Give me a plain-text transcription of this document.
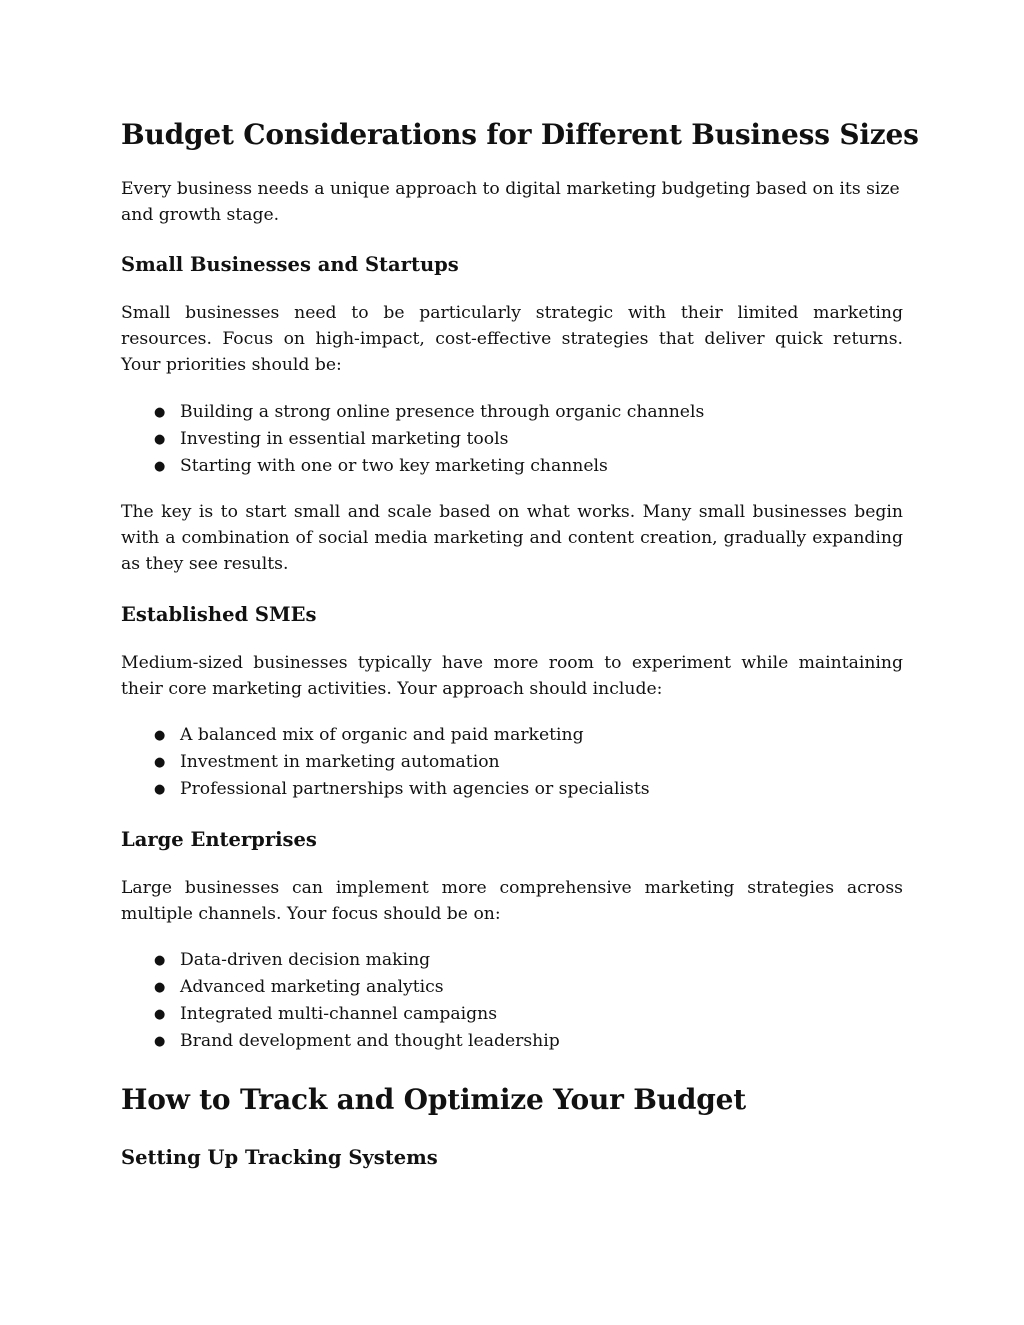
Budget Considerations for Different Business Sizes

Every business needs a unique approach to digital marketing budgeting based on its size and growth stage.

Small Businesses and Startups

Small businesses need to be particularly strategic with their limited marketing resources. Focus on high-impact, cost-effective strategies that deliver quick returns. Your priorities should be:

● Building a strong online presence through organic channels
● Investing in essential marketing tools
● Starting with one or two key marketing channels

The key is to start small and scale based on what works. Many small businesses begin with a combination of social media marketing and content creation, gradually expanding as they see results.

Established SMEs

Medium-sized businesses typically have more room to experiment while maintaining their core marketing activities. Your approach should include:

● A balanced mix of organic and paid marketing
● Investment in marketing automation
● Professional partnerships with agencies or specialists
Large Enterprises

Large businesses can implement more comprehensive marketing strategies across multiple channels. Your focus should be on:

● Data-driven decision making
● Advanced marketing analytics
● Integrated multi-channel campaigns
● Brand development and thought leadership
How to Track and Optimize Your Budget
Setting Up Tracking Systems
